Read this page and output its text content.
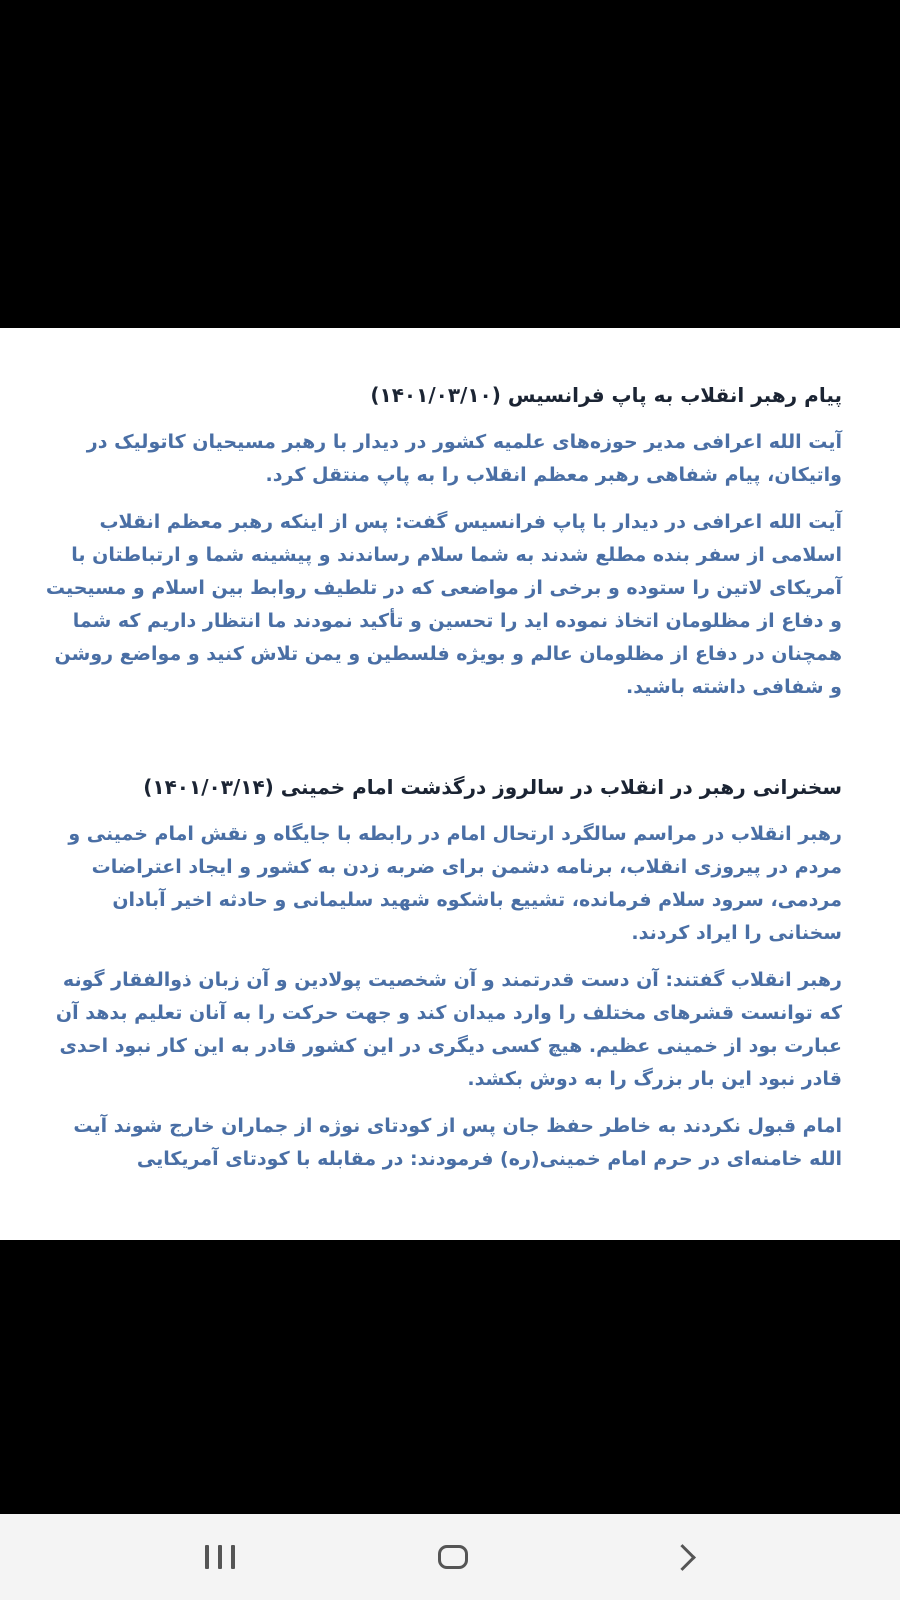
پیام رهبر انقلاب به پاپ فرانسیس (۱۴۰۱/۰۳/۱۰)

آیت الله اعرافی مدیر حوزه‌های علمیه کشور در دیدار با رهبر مسیحیان کاتولیک در واتیکان، پیام شفاهی رهبر معظم انقلاب را به پاپ منتقل کرد.

آیت الله اعرافی در دیدار با پاپ فرانسیس گفت: پس از اینکه رهبر معظم انقلاب اسلامی از سفر بنده مطلع شدند به شما سلام رساندند و پیشینه شما و ارتباطتان با آمریکای لاتین را ستوده و برخی از مواضعی که در تلطیف روابط بین اسلام و مسیحیت و دفاع از مظلومان اتخاذ نموده اید را تحسین و تأکید نمودند ما انتظار داریم که شما همچنان در دفاع از مظلومان عالم و بویژه فلسطین و یمن تلاش کنید و مواضع روشن و شفافی داشته باشید.

سخنرانی رهبر در انقلاب در سالروز درگذشت امام خمینی (۱۴۰۱/۰۳/۱۴)

رهبر انقلاب در مراسم سالگرد ارتحال امام در رابطه با جایگاه و نقش امام خمینی و مردم در پیروزی انقلاب، برنامه دشمن برای ضربه زدن به کشور و ایجاد اعتراضات مردمی، سرود سلام فرمانده، تشییع باشکوه شهید سلیمانی و حادثه اخیر آبادان سخنانی را ایراد کردند.

رهبر انقلاب گفتند: آن دست قدرتمند و آن شخصیت پولادین و آن زبان ذوالفقار گونه که توانست قشرهای مختلف را وارد میدان کند و جهت حرکت را به آنان تعلیم بدهد آن عبارت بود از خمینی عظیم. هیچ کسی دیگری در این کشور قادر به این کار نبود احدی قادر نبود این بار بزرگ را به دوش بکشد.

امام قبول نکردند به خاطر حفظ جان پس از کودتای نوژه از جماران خارج شوند آیت الله خامنه‌ای در حرم امام خمینی(ره) فرمودند: در مقابله با کودتای آمریکایی
